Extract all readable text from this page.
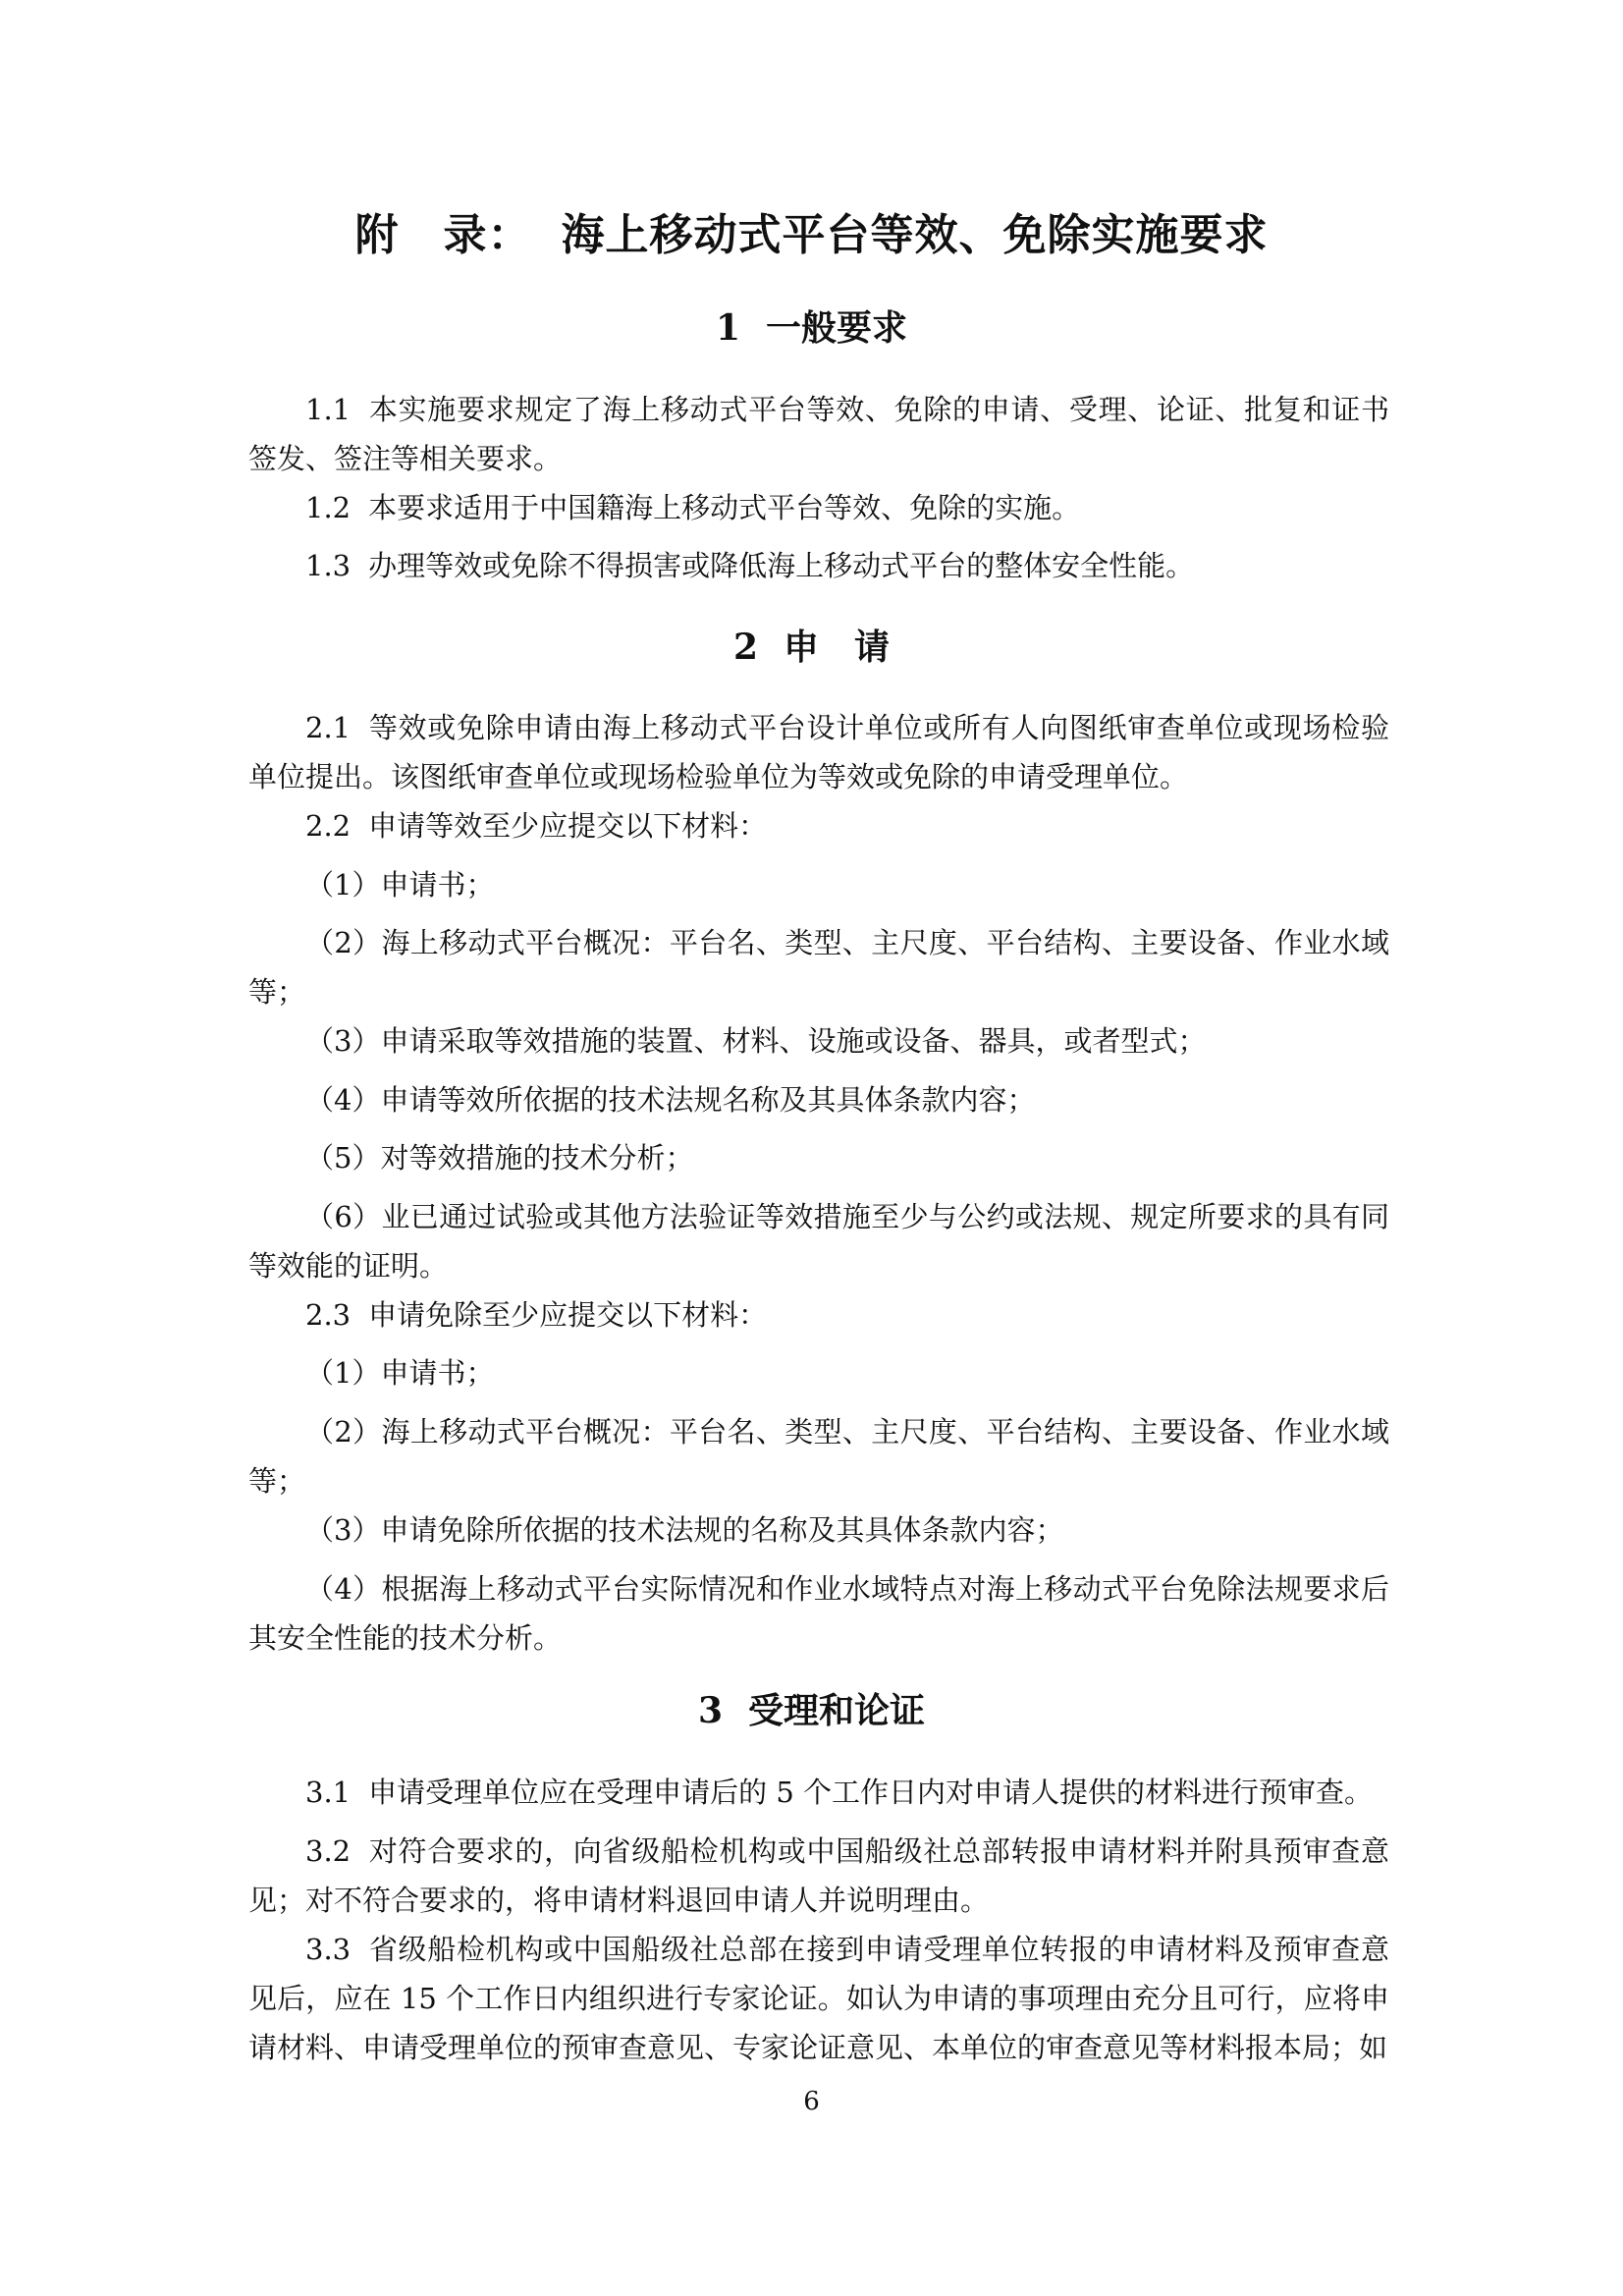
附　录： 海上移动式平台等效、免除实施要求
1 一般要求

1.1 本实施要求规定了海上移动式平台等效、免除的申请、受理、论证、批复和证书签发、签注等相关要求。

1.2 本要求适用于中国籍海上移动式平台等效、免除的实施。

1.3 办理等效或免除不得损害或降低海上移动式平台的整体安全性能。

2 申　请

2.1 等效或免除申请由海上移动式平台设计单位或所有人向图纸审查单位或现场检验单位提出。该图纸审查单位或现场检验单位为等效或免除的申请受理单位。

2.2 申请等效至少应提交以下材料：

（1）申请书；

（2）海上移动式平台概况：平台名、类型、主尺度、平台结构、主要设备、作业水域等；

（3）申请采取等效措施的装置、材料、设施或设备、器具，或者型式；

（4）申请等效所依据的技术法规名称及其具体条款内容；

（5）对等效措施的技术分析；

（6）业已通过试验或其他方法验证等效措施至少与公约或法规、规定所要求的具有同等效能的证明。

2.3 申请免除至少应提交以下材料：

（1）申请书；

（2）海上移动式平台概况：平台名、类型、主尺度、平台结构、主要设备、作业水域等；

（3）申请免除所依据的技术法规的名称及其具体条款内容；

（4）根据海上移动式平台实际情况和作业水域特点对海上移动式平台免除法规要求后其安全性能的技术分析。

3 受理和论证

3.1 申请受理单位应在受理申请后的 5 个工作日内对申请人提供的材料进行预审查。

3.2 对符合要求的，向省级船检机构或中国船级社总部转报申请材料并附具预审查意见；对不符合要求的，将申请材料退回申请人并说明理由。

3.3 省级船检机构或中国船级社总部在接到申请受理单位转报的申请材料及预审查意见后，应在 15 个工作日内组织进行专家论证。如认为申请的事项理由充分且可行，应将申请材料、申请受理单位的预审查意见、专家论证意见、本单位的审查意见等材料报本局；如

6
